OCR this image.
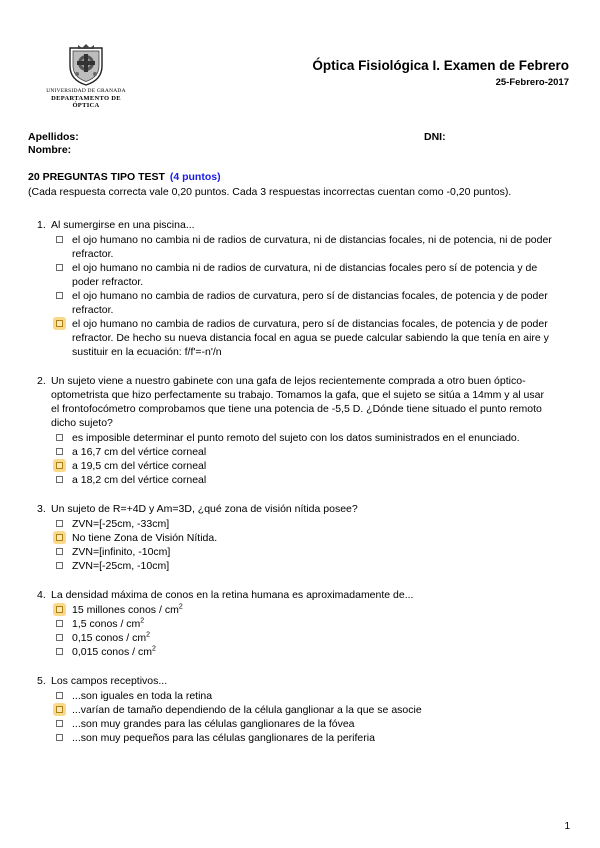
UNIVERSIDAD DE GRANADA
DEPARTAMENTO DE ÓPTICA
Óptica Fisiológica I. Examen de Febrero
25-Febrero-2017
Apellidos:
Nombre:
DNI:
20 PREGUNTAS TIPO TEST (4 puntos)
(Cada respuesta correcta vale 0,20 puntos. Cada 3 respuestas incorrectas cuentan como -0,20 puntos).
1. Al sumergirse en una piscina...
el ojo humano no cambia ni de radios de curvatura, ni de distancias focales, ni de potencia, ni de poder refractor.
el ojo humano no cambia ni de radios de curvatura, ni de distancias focales pero sí de potencia y de poder refractor.
el ojo humano no cambia de radios de curvatura, pero sí de distancias focales, de potencia y de poder refractor.
el ojo humano no cambia de radios de curvatura, pero sí de distancias focales, de potencia y de poder refractor. De hecho su nueva distancia focal en agua se puede calcular sabiendo la que tenía en aire y sustituir en la ecuación: f/f'=-n'/n
2. Un sujeto viene a nuestro gabinete con una gafa de lejos recientemente comprada a otro buen óptico-optometrista que hizo perfectamente su trabajo. Tomamos la gafa, que el sujeto se sitúa a 14mm y al usar el frontofocómetro comprobamos que tiene una potencia de -5,5 D. ¿Dónde tiene situado el punto remoto dicho sujeto?
es imposible determinar el punto remoto del sujeto con los datos suministrados en el enunciado.
a 16,7 cm del vértice corneal
a 19,5 cm del vértice corneal
a 18,2 cm del vértice corneal
3. Un sujeto de R=+4D y Am=3D, ¿qué zona de visión nítida posee?
ZVN=[-25cm, -33cm]
No tiene Zona de Visión Nítida.
ZVN=[infinito, -10cm]
ZVN=[-25cm, -10cm]
4. La densidad máxima de conos en la retina humana es aproximadamente de...
15 millones conos / $cm^2$
1,5 conos / $cm^2$
0,15 conos / $cm^2$
0,015 conos / $cm^2$
5. Los campos receptivos...
...son iguales en toda la retina
...varían de tamaño dependiendo de la célula ganglionar a la que se asocie
...son muy grandes para las células ganglionares de la fóvea
...son muy pequeños para las células ganglionares de la periferia
1
